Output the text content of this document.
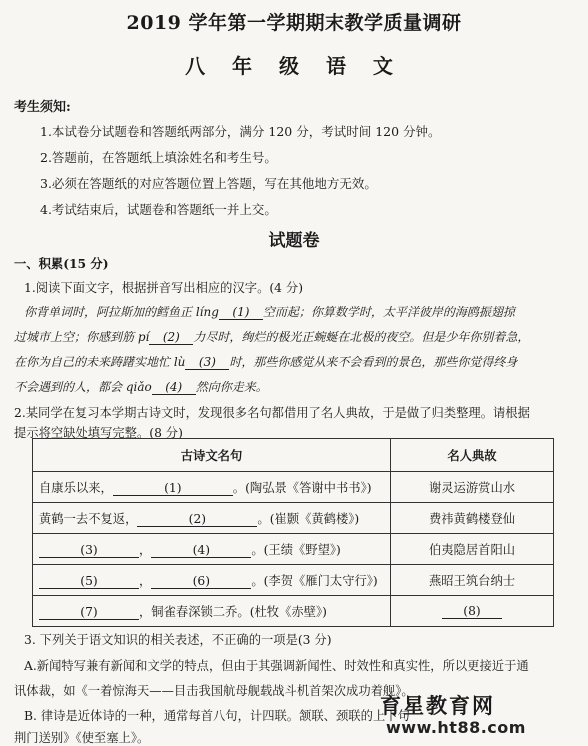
2019 学年第一学期期末教学质量调研
八 年 级 语 文
考生须知:
1.本试卷分试题卷和答题纸两部分，满分 120 分，考试时间 120 分钟。
2.答题前，在答题纸上填涂姓名和考生号。
3.必须在答题纸的对应答题位置上答题，写在其他地方无效。
4.考试结束后，试题卷和答题纸一并上交。
试题卷
一、积累(15 分)
1.阅读下面文字，根据拼音写出相应的汉字。(4 分)
你背单词时，阿拉斯加的鳕鱼正 líng (1) 空而起；你算数学时，太平洋彼岸的海鸥振翅掠
过城市上空；你感到筋 pí (2) 力尽时，绚烂的极光正蜿蜒在北极的夜空。但是少年你别着急，
在你为自己的未来踌躇实地忙 lù (3) 时，那些你感觉从来不会看到的景色，那些你觉得终身
不会遇到的人，都会 qiǎo (4) 然向你走来。
2.某同学在复习本学期古诗文时，发现很多名句都借用了名人典故，于是做了归类整理。请根据
提示将空缺处填写完整。(8 分)
古诗文名句	名人典故
自康乐以来， (1) 。(陶弘景《答谢中书书》)	谢灵运游赏山水
黄鹤一去不复返， (2) 。(崔颢《黄鹤楼》)	费祎黄鹤楼登仙
(3) ， (4) 。(王绩《野望》)	伯夷隐居首阳山
(5) ， (6) 。(李贺《雁门太守行》)	燕昭王筑台纳士
(7) ，铜雀春深锁二乔。(杜牧《赤壁》)	(8)
3. 下列关于语文知识的相关表述，不正确的一项是(3 分)
A.新闻特写兼有新闻和文学的特点，但由于其强调新闻性、时效性和真实性，所以更接近于通
讯体裁，如《一着惊海天——目击我国航母舰载战斗机首架次成功着舰》。
B. 律诗是近体诗的一种，通常每首八句，计四联。颔联、颈联的上下句
荆门送别》《使至塞上》。
育星教育网
www.ht88.com
